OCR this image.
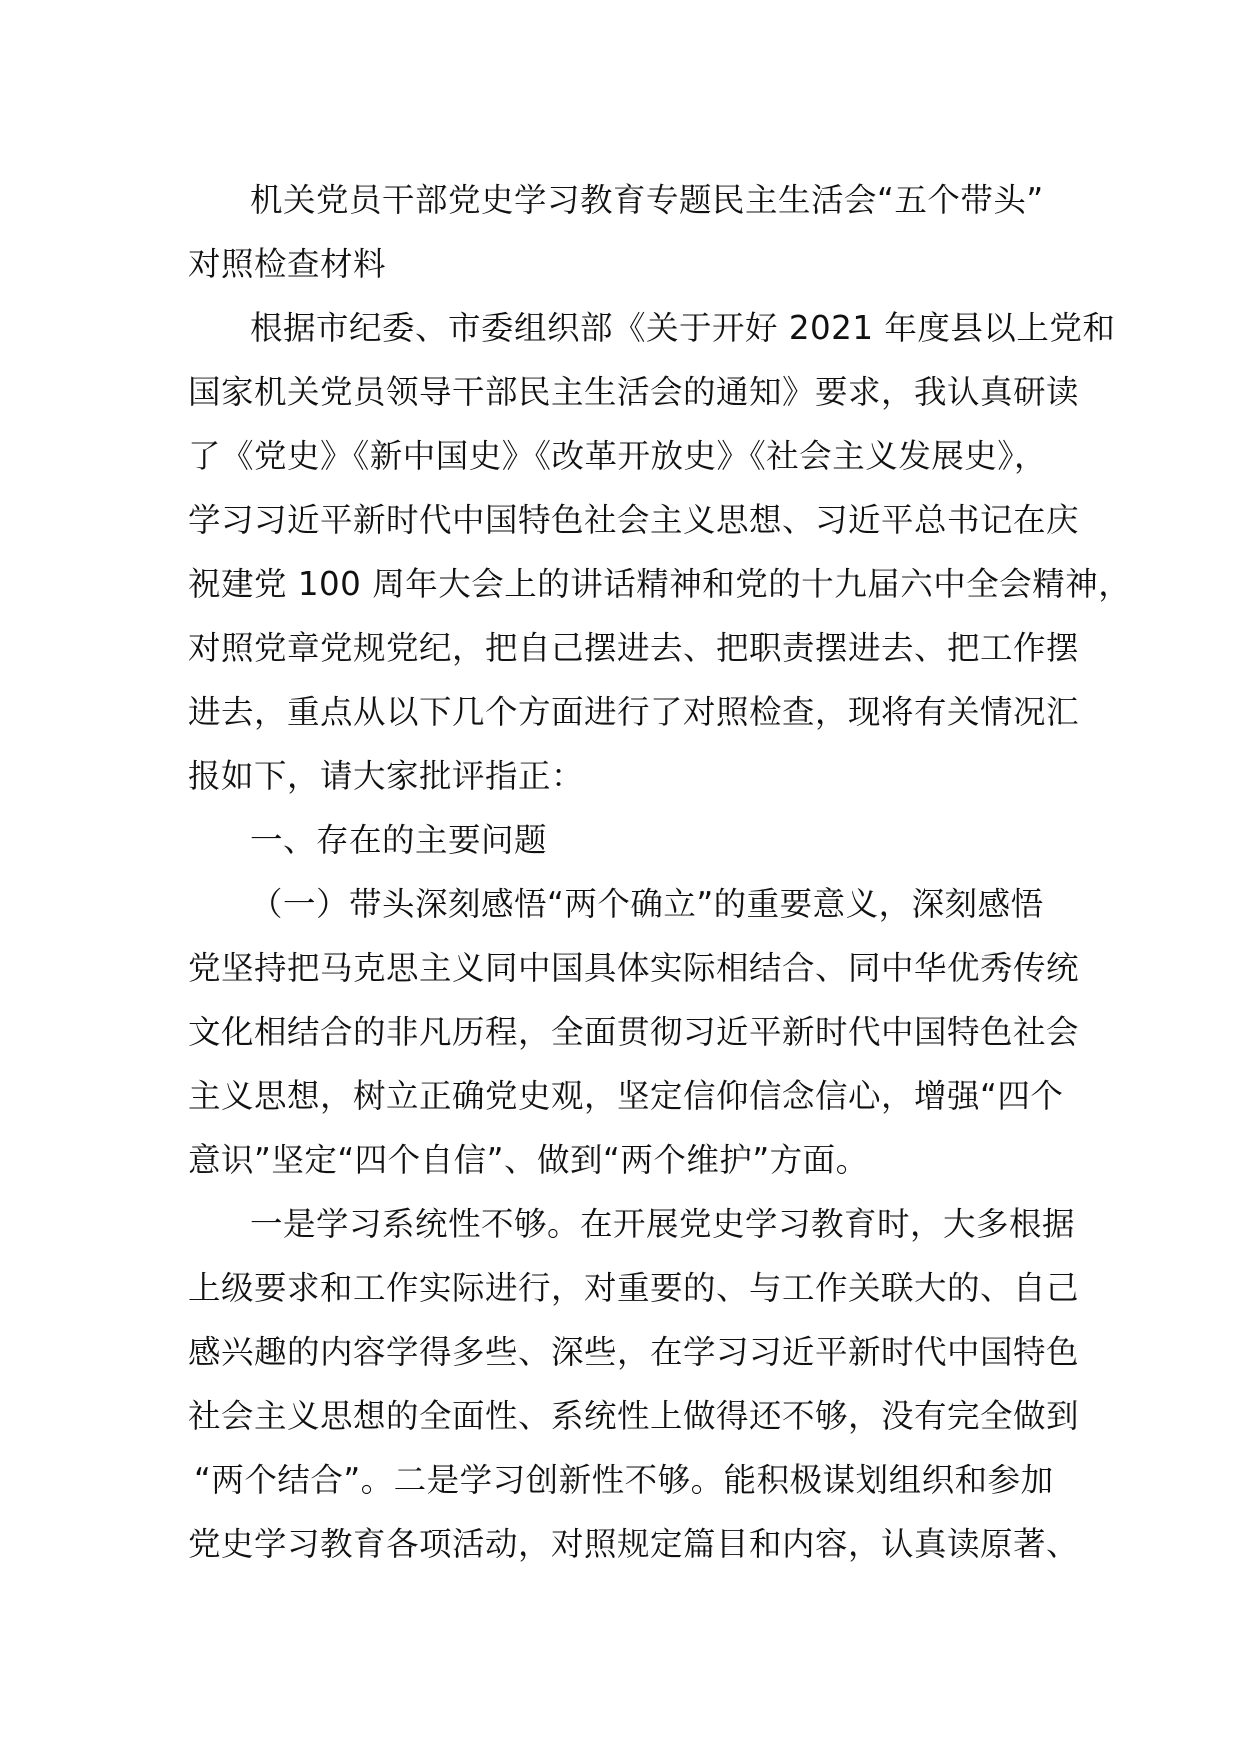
机关党员干部党史学习教育专题民主生活会“五个带头”
对照检查材料
根据市纪委、市委组织部《关于开好 2021 年度县以上党和
国家机关党员领导干部民主生活会的通知》要求，我认真研读
了《党史》《新中国史》《改革开放史》《社会主义发展史》，
学习习近平新时代中国特色社会主义思想、习近平总书记在庆
祝建党 100 周年大会上的讲话精神和党的十九届六中全会精神，
对照党章党规党纪，把自己摆进去、把职责摆进去、把工作摆
进去，重点从以下几个方面进行了对照检查，现将有关情况汇
报如下，请大家批评指正：
一、存在的主要问题
（一）带头深刻感悟“两个确立”的重要意义，深刻感悟
党坚持把马克思主义同中国具体实际相结合、同中华优秀传统
文化相结合的非凡历程，全面贯彻习近平新时代中国特色社会
主义思想，树立正确党史观，坚定信仰信念信心，增强“四个
意识”坚定“四个自信”、做到“两个维护”方面。
一是学习系统性不够。在开展党史学习教育时，大多根据
上级要求和工作实际进行，对重要的、与工作关联大的、自己
感兴趣的内容学得多些、深些，在学习习近平新时代中国特色
社会主义思想的全面性、系统性上做得还不够，没有完全做到
“两个结合”。二是学习创新性不够。能积极谋划组织和参加
党史学习教育各项活动，对照规定篇目和内容，认真读原著、
